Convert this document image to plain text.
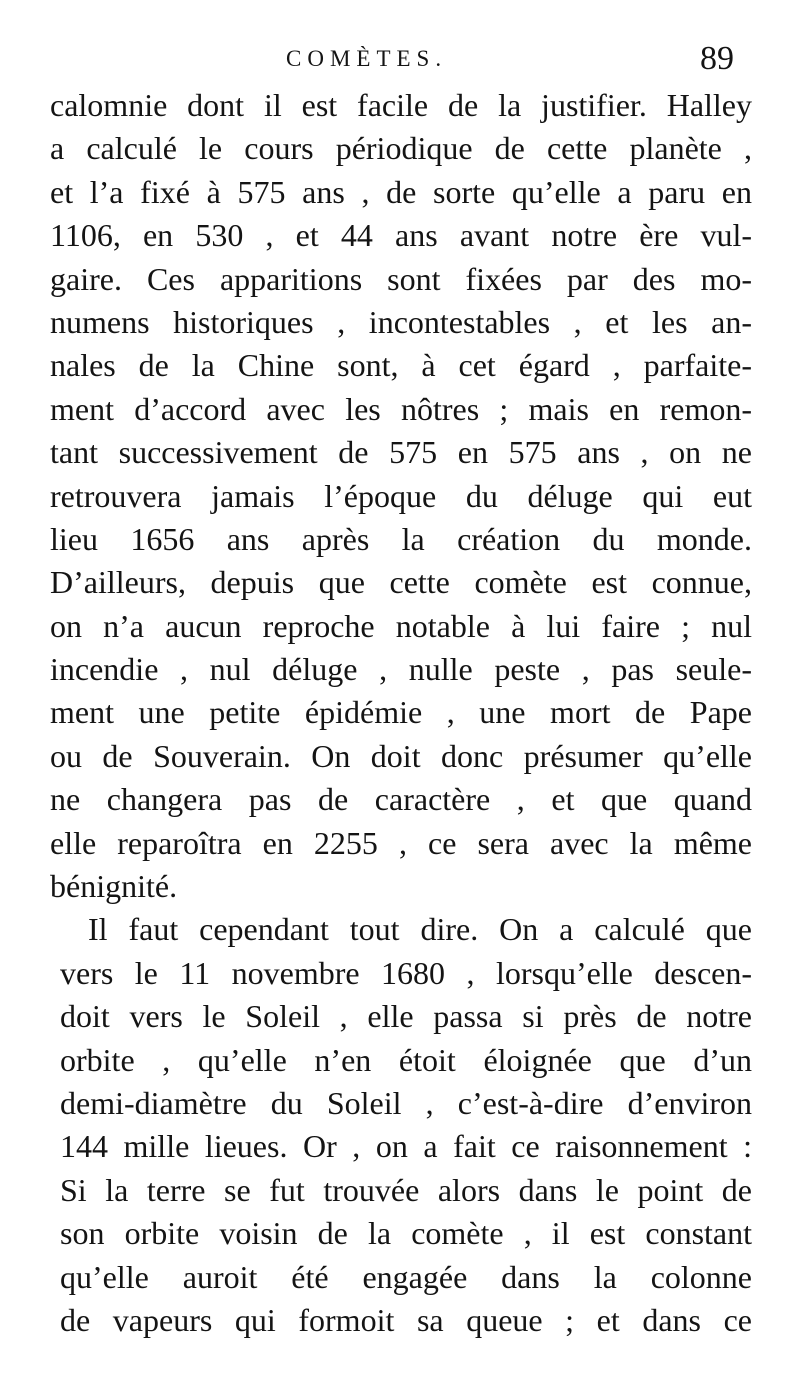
COMÈTES.	89
calomnie dont il est facile de la justifier. Halley
a calculé le cours périodique de cette planète ,
et l’a fixé à 575 ans , de sorte qu’elle a paru en
1106, en 530 , et 44 ans avant notre ère vul-
gaire. Ces apparitions sont fixées par des mo-
numens historiques , incontestables , et les an-
nales de la Chine sont, à cet égard , parfaite-
ment d’accord avec les nôtres ; mais en remon-
tant successivement de 575 en 575 ans , on ne
retrouvera jamais l’époque du déluge qui eut
lieu 1656 ans après la création du monde.
D’ailleurs, depuis que cette comète est connue,
on n’a aucun reproche notable à lui faire ; nul
incendie , nul déluge , nulle peste , pas seule-
ment une petite épidémie , une mort de Pape
ou de Souverain. On doit donc présumer qu’elle
ne changera pas de caractère , et que quand
elle reparoîtra en 2255 , ce sera avec la même
bénignité.
Il faut cependant tout dire. On a calculé que
vers le 11 novembre 1680 , lorsqu’elle descen-
doit vers le Soleil , elle passa si près de notre
orbite , qu’elle n’en étoit éloignée que d’un
demi-diamètre du Soleil , c’est-à-dire d’environ
144 mille lieues. Or , on a fait ce raisonnement :
Si la terre se fut trouvée alors dans le point de
son orbite voisin de la comète , il est constant
qu’elle auroit été engagée dans la colonne
de vapeurs qui formoit sa queue ; et dans ce
